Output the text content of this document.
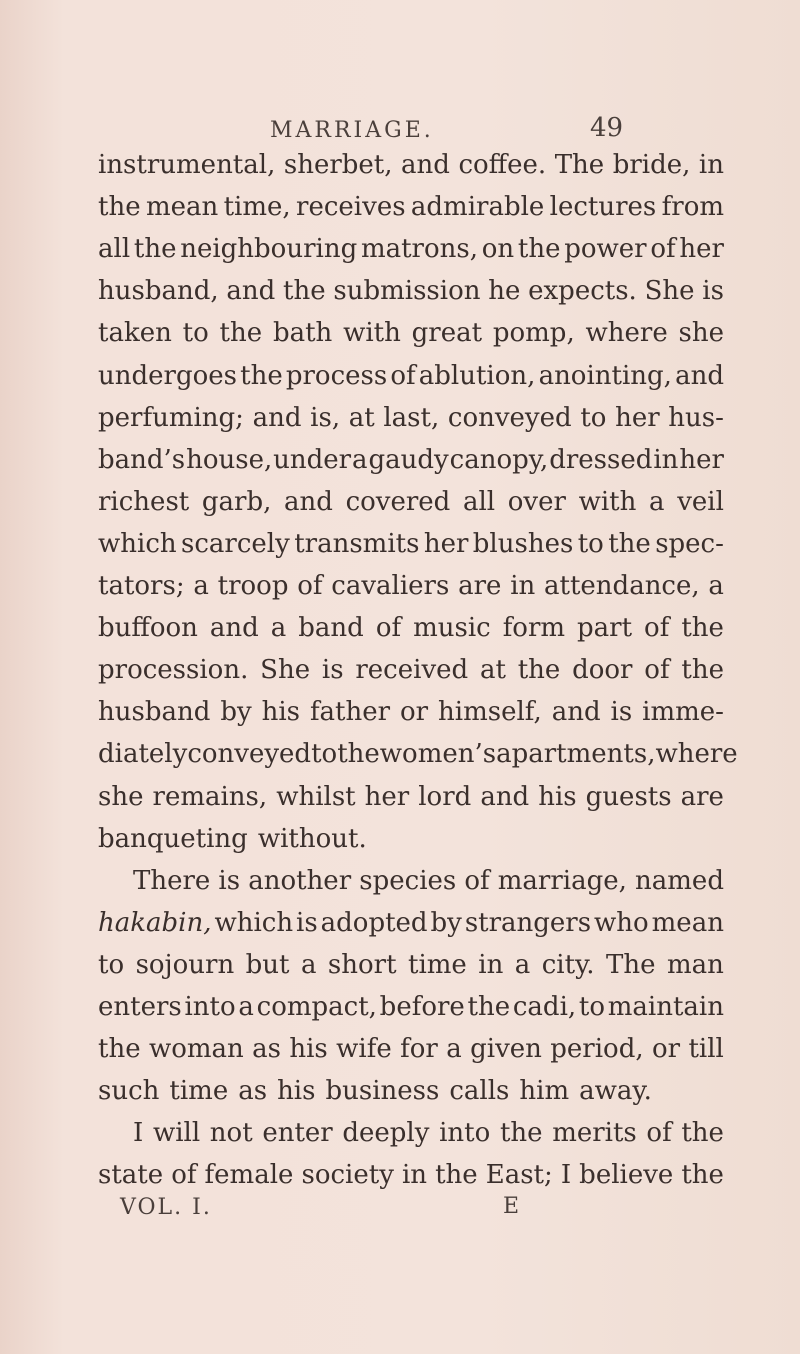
MARRIAGE.	49
instrumental, sherbet, and coffee. The bride, in
the mean time, receives admirable lectures from
all the neighbouring matrons, on the power of her
husband, and the submission he expects. She is
taken to the bath with great pomp, where she
undergoes the process of ablution, anointing, and
perfuming; and is, at last, conveyed to her hus-
band’s house, under a gaudy canopy, dressed in her
richest garb, and covered all over with a veil
which scarcely transmits her blushes to the spec-
tators; a troop of cavaliers are in attendance, a
buffoon and a band of music form part of the
procession. She is received at the door of the
husband by his father or himself, and is imme-
diately conveyed to the women’s apartments, where
she remains, whilst her lord and his guests are
banqueting without.
There is another species of marriage, named
hakabin, which is adopted by strangers who mean
to sojourn but a short time in a city. The man
enters into a compact, before the cadi, to maintain
the woman as his wife for a given period, or till
such time as his business calls him away.
I will not enter deeply into the merits of the
state of female society in the East; I believe the
VOL. I.	E
